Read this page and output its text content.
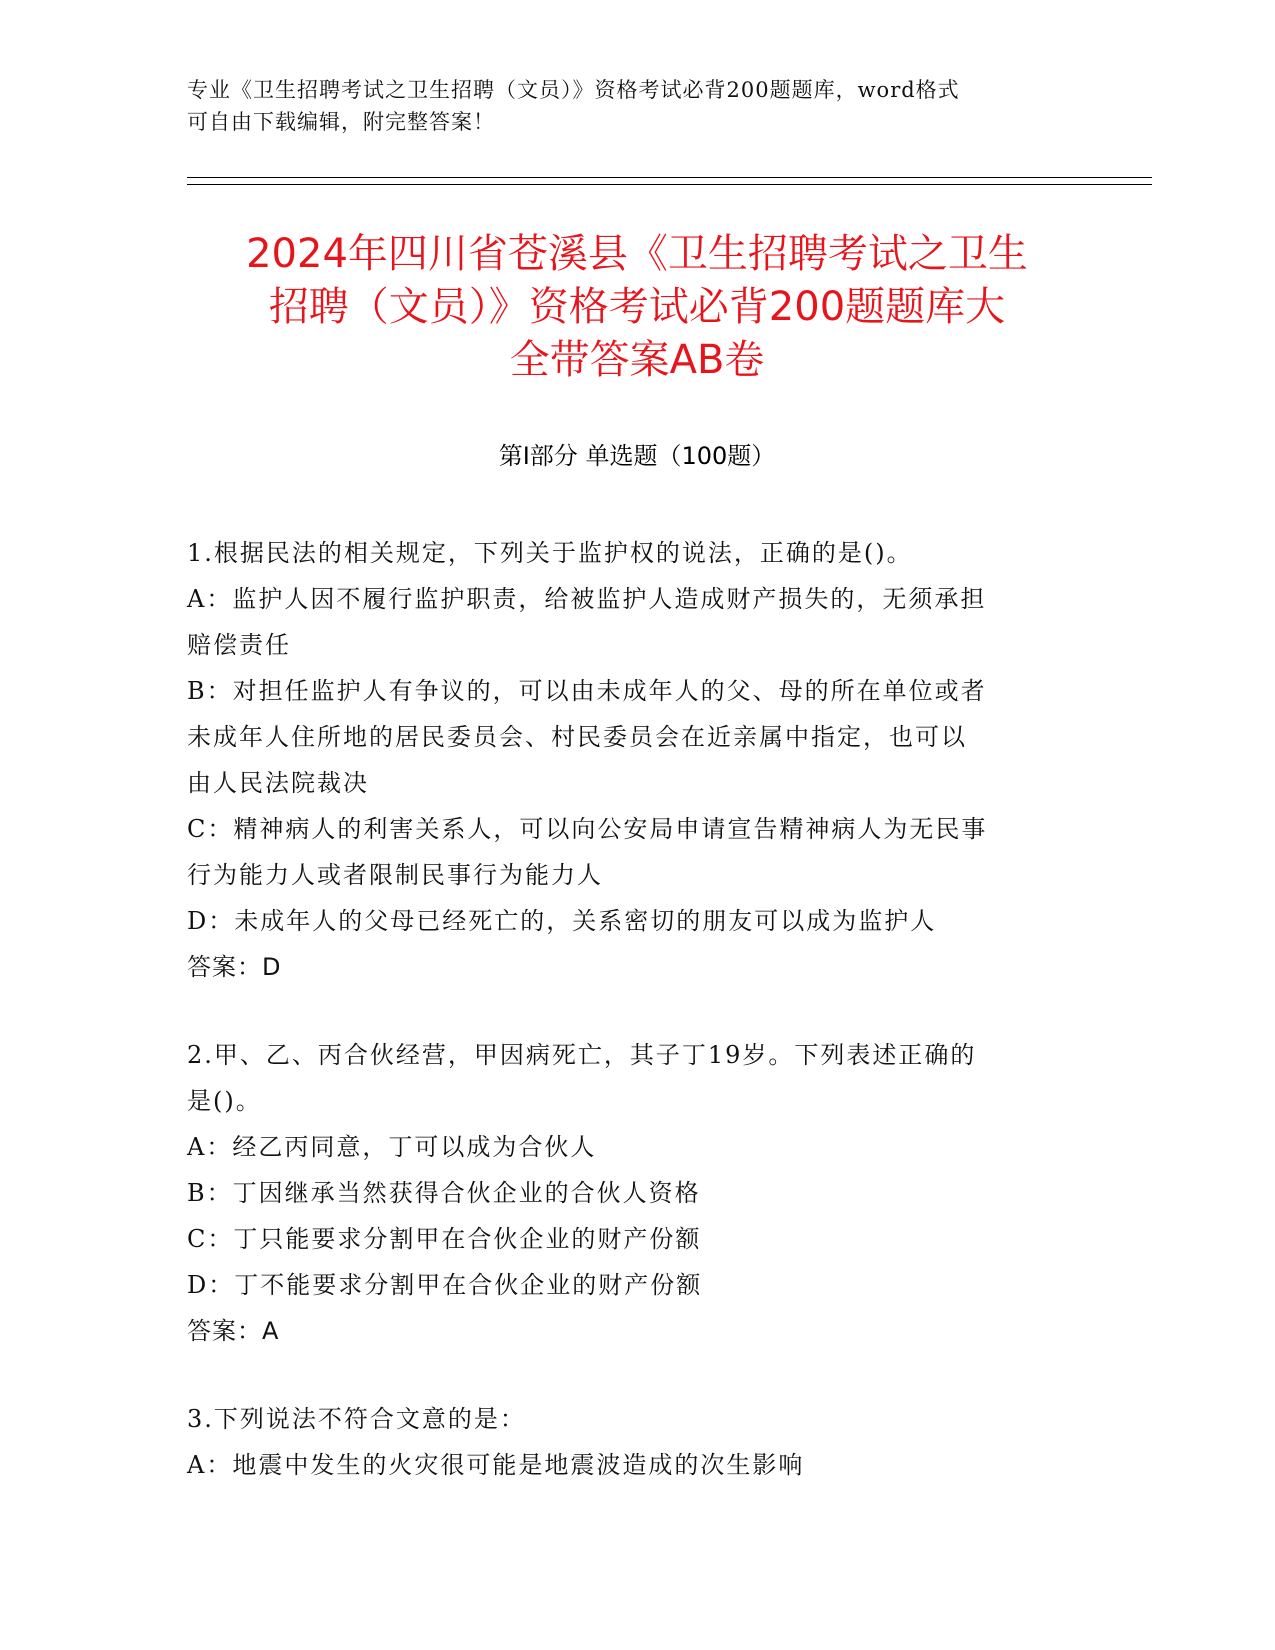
专业《卫生招聘考试之卫生招聘（文员）》资格考试必背200题题库，word格式
可自由下载编辑，附完整答案！
2024年四川省苍溪县《卫生招聘考试之卫生
招聘（文员）》资格考试必背200题题库大
全带答案AB卷
第Ⅰ部分 单选题（100题）
1.根据民法的相关规定，下列关于监护权的说法，正确的是()。
A：监护人因不履行监护职责，给被监护人造成财产损失的，无须承担
赔偿责任
B：对担任监护人有争议的，可以由未成年人的父、母的所在单位或者
未成年人住所地的居民委员会、村民委员会在近亲属中指定，也可以
由人民法院裁决
C：精神病人的利害关系人，可以向公安局申请宣告精神病人为无民事
行为能力人或者限制民事行为能力人
D：未成年人的父母已经死亡的，关系密切的朋友可以成为监护人
答案：D
2.甲、乙、丙合伙经营，甲因病死亡，其子丁19岁。下列表述正确的
是()。
A：经乙丙同意，丁可以成为合伙人
B：丁因继承当然获得合伙企业的合伙人资格
C：丁只能要求分割甲在合伙企业的财产份额
D：丁不能要求分割甲在合伙企业的财产份额
答案：A
3.下列说法不符合文意的是：
A：地震中发生的火灾很可能是地震波造成的次生影响
